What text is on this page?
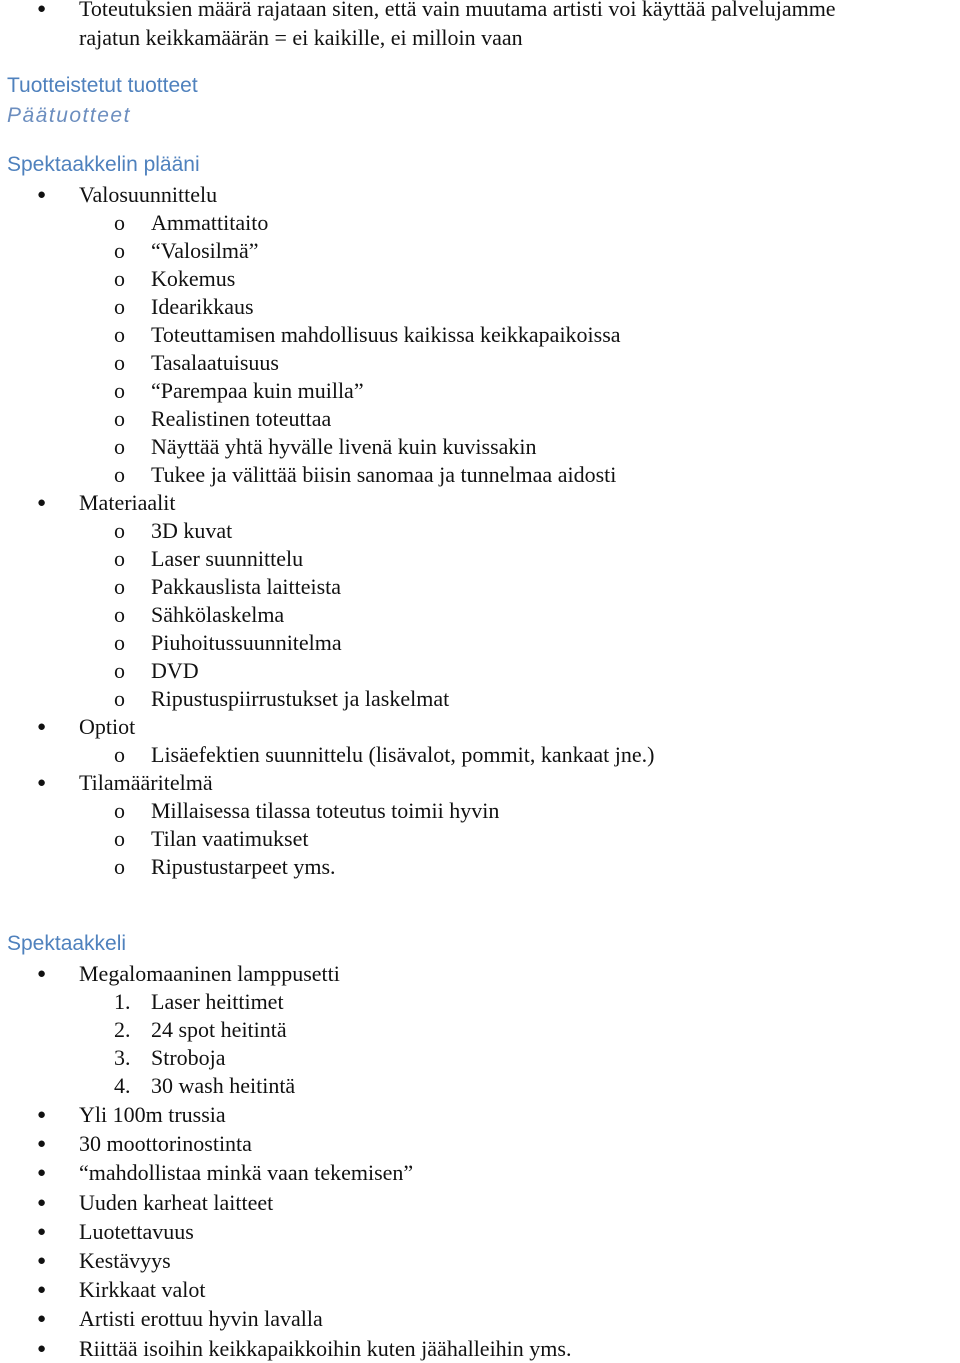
● Toteutuksien määrä rajataan siten, että vain muutama artisti voi käyttää palvelujamme
rajatun keikkamäärän = ei kaikille, ei milloin vaan
Tuotteistetut tuotteet
Päätuotteet
Spektaakkelin plääni
● Valosuunnittelu
o Ammattitaito
o “Valosilmä”
o Kokemus
o Idearikkaus
o Toteuttamisen mahdollisuus kaikissa keikkapaikoissa
o Tasalaatuisuus
o “Parempaa kuin muilla”
o Realistinen toteuttaa
o Näyttää yhtä hyvälle livenä kuin kuvissakin
o Tukee ja välittää biisin sanomaa ja tunnelmaa aidosti
● Materiaalit
o 3D kuvat
o Laser suunnittelu
o Pakkauslista laitteista
o Sähkölaskelma
o Piuhoitussuunnitelma
o DVD
o Ripustuspiirrustukset ja laskelmat
● Optiot
o Lisäefektien suunnittelu (lisävalot, pommit, kankaat jne.)
● Tilamääritelmä
o Millaisessa tilassa toteutus toimii hyvin
o Tilan vaatimukset
o Ripustustarpeet yms.
Spektaakkeli
● Megalomaaninen lamppusetti
1. Laser heittimet
2. 24 spot heitintä
3. Stroboja
4. 30 wash heitintä
● Yli 100m trussia
● 30 moottorinostinta
● “mahdollistaa minkä vaan tekemisen”
● Uuden karheat laitteet
● Luotettavuus
● Kestävyys
● Kirkkaat valot
● Artisti erottuu hyvin lavalla
● Riittää isoihin keikkapaikkoihin kuten jäähalleihin yms.
